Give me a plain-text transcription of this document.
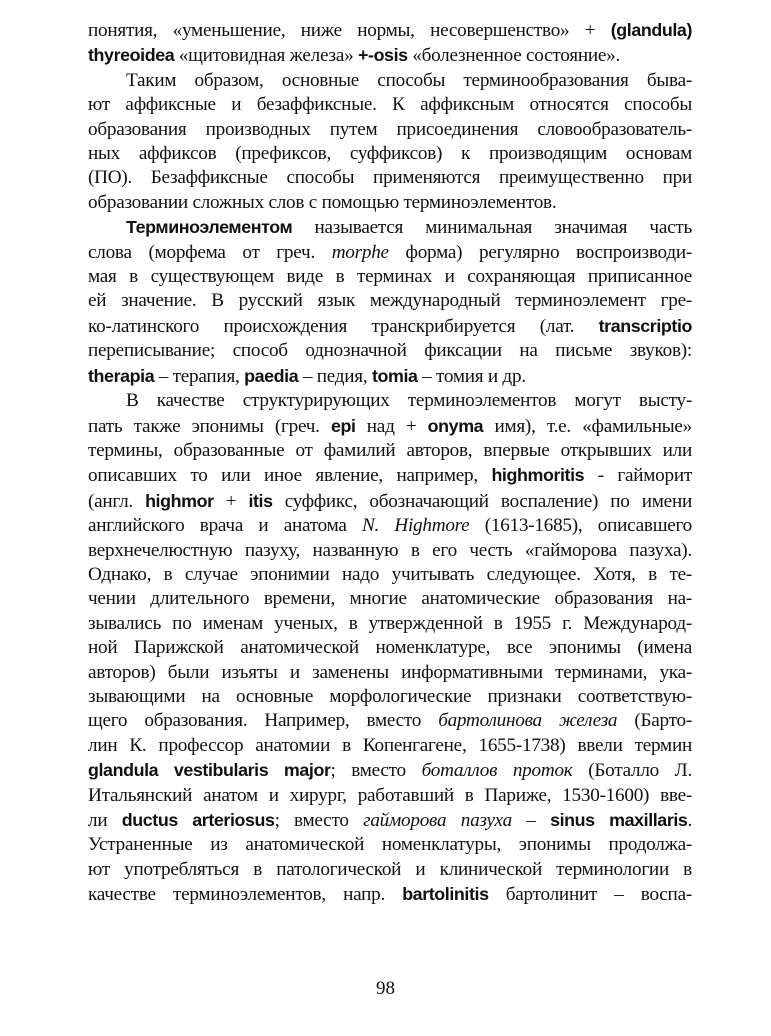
понятия, «уменьшение, ниже нормы, несовершенство» + (glandula)
thyreoidea «щитовидная железа» +-osis «болезненное состояние».
Таким образом, основные способы терминообразования быва-
ют аффиксные и безаффиксные. К аффиксным относятся способы
образования производных путем присоединения словообразователь-
ных аффиксов (префиксов, суффиксов) к производящим основам
(ПО). Безаффиксные способы применяются преимущественно при
образовании сложных слов с помощью терминоэлементов.
Терминоэлементом называется минимальная значимая часть
слова (морфема от греч. morphe форма) регулярно воспроизводи-
мая в существующем виде в терминах и сохраняющая приписанное
ей значение. В русский язык международный терминоэлемент гре-
ко-латинского происхождения транскрибируется (лат. transcriptio
переписывание; способ однозначной фиксации на письме звуков):
therapia – терапия, paedia – педия, tomia – томия и др.
В качестве структурирующих терминоэлементов могут высту-
пать также эпонимы (греч. epi над + onyma имя), т.е. «фамильные»
термины, образованные от фамилий авторов, впервые открывших или
описавших то или иное явление, например, highmoritis - гайморит
(англ. highmor + itis суффикс, обозначающий воспаление) по имени
английского врача и анатома N. Highmore (1613-1685), описавшего
верхнечелюстную пазуху, названную в его честь «гайморова пазуха).
Однако, в случае эпонимии надо учитывать следующее. Хотя, в те-
чении длительного времени, многие анатомические образования на-
зывались по именам ученых, в утвержденной в 1955 г. Международ-
ной Парижской анатомической номенклатуре, все эпонимы (имена
авторов) были изъяты и заменены информативными терминами, ука-
зывающими на основные морфологические признаки соответствую-
щего образования. Например, вместо бартолинова железа (Барто-
лин К. профессор анатомии в Копенгагене, 1655-1738) ввели термин
glandula vestibularis major; вместо боталлов проток (Боталло Л.
Итальянский анатом и хирург, работавший в Париже, 1530-1600) вве-
ли ductus arteriosus; вместо гайморова пазуха – sinus maxillaris.
Устраненные из анатомической номенклатуры, эпонимы продолжа-
ют употребляться в патологической и клинической терминологии в
качестве терминоэлементов, напр. bartolinitis бартолинит – воспа-
98
